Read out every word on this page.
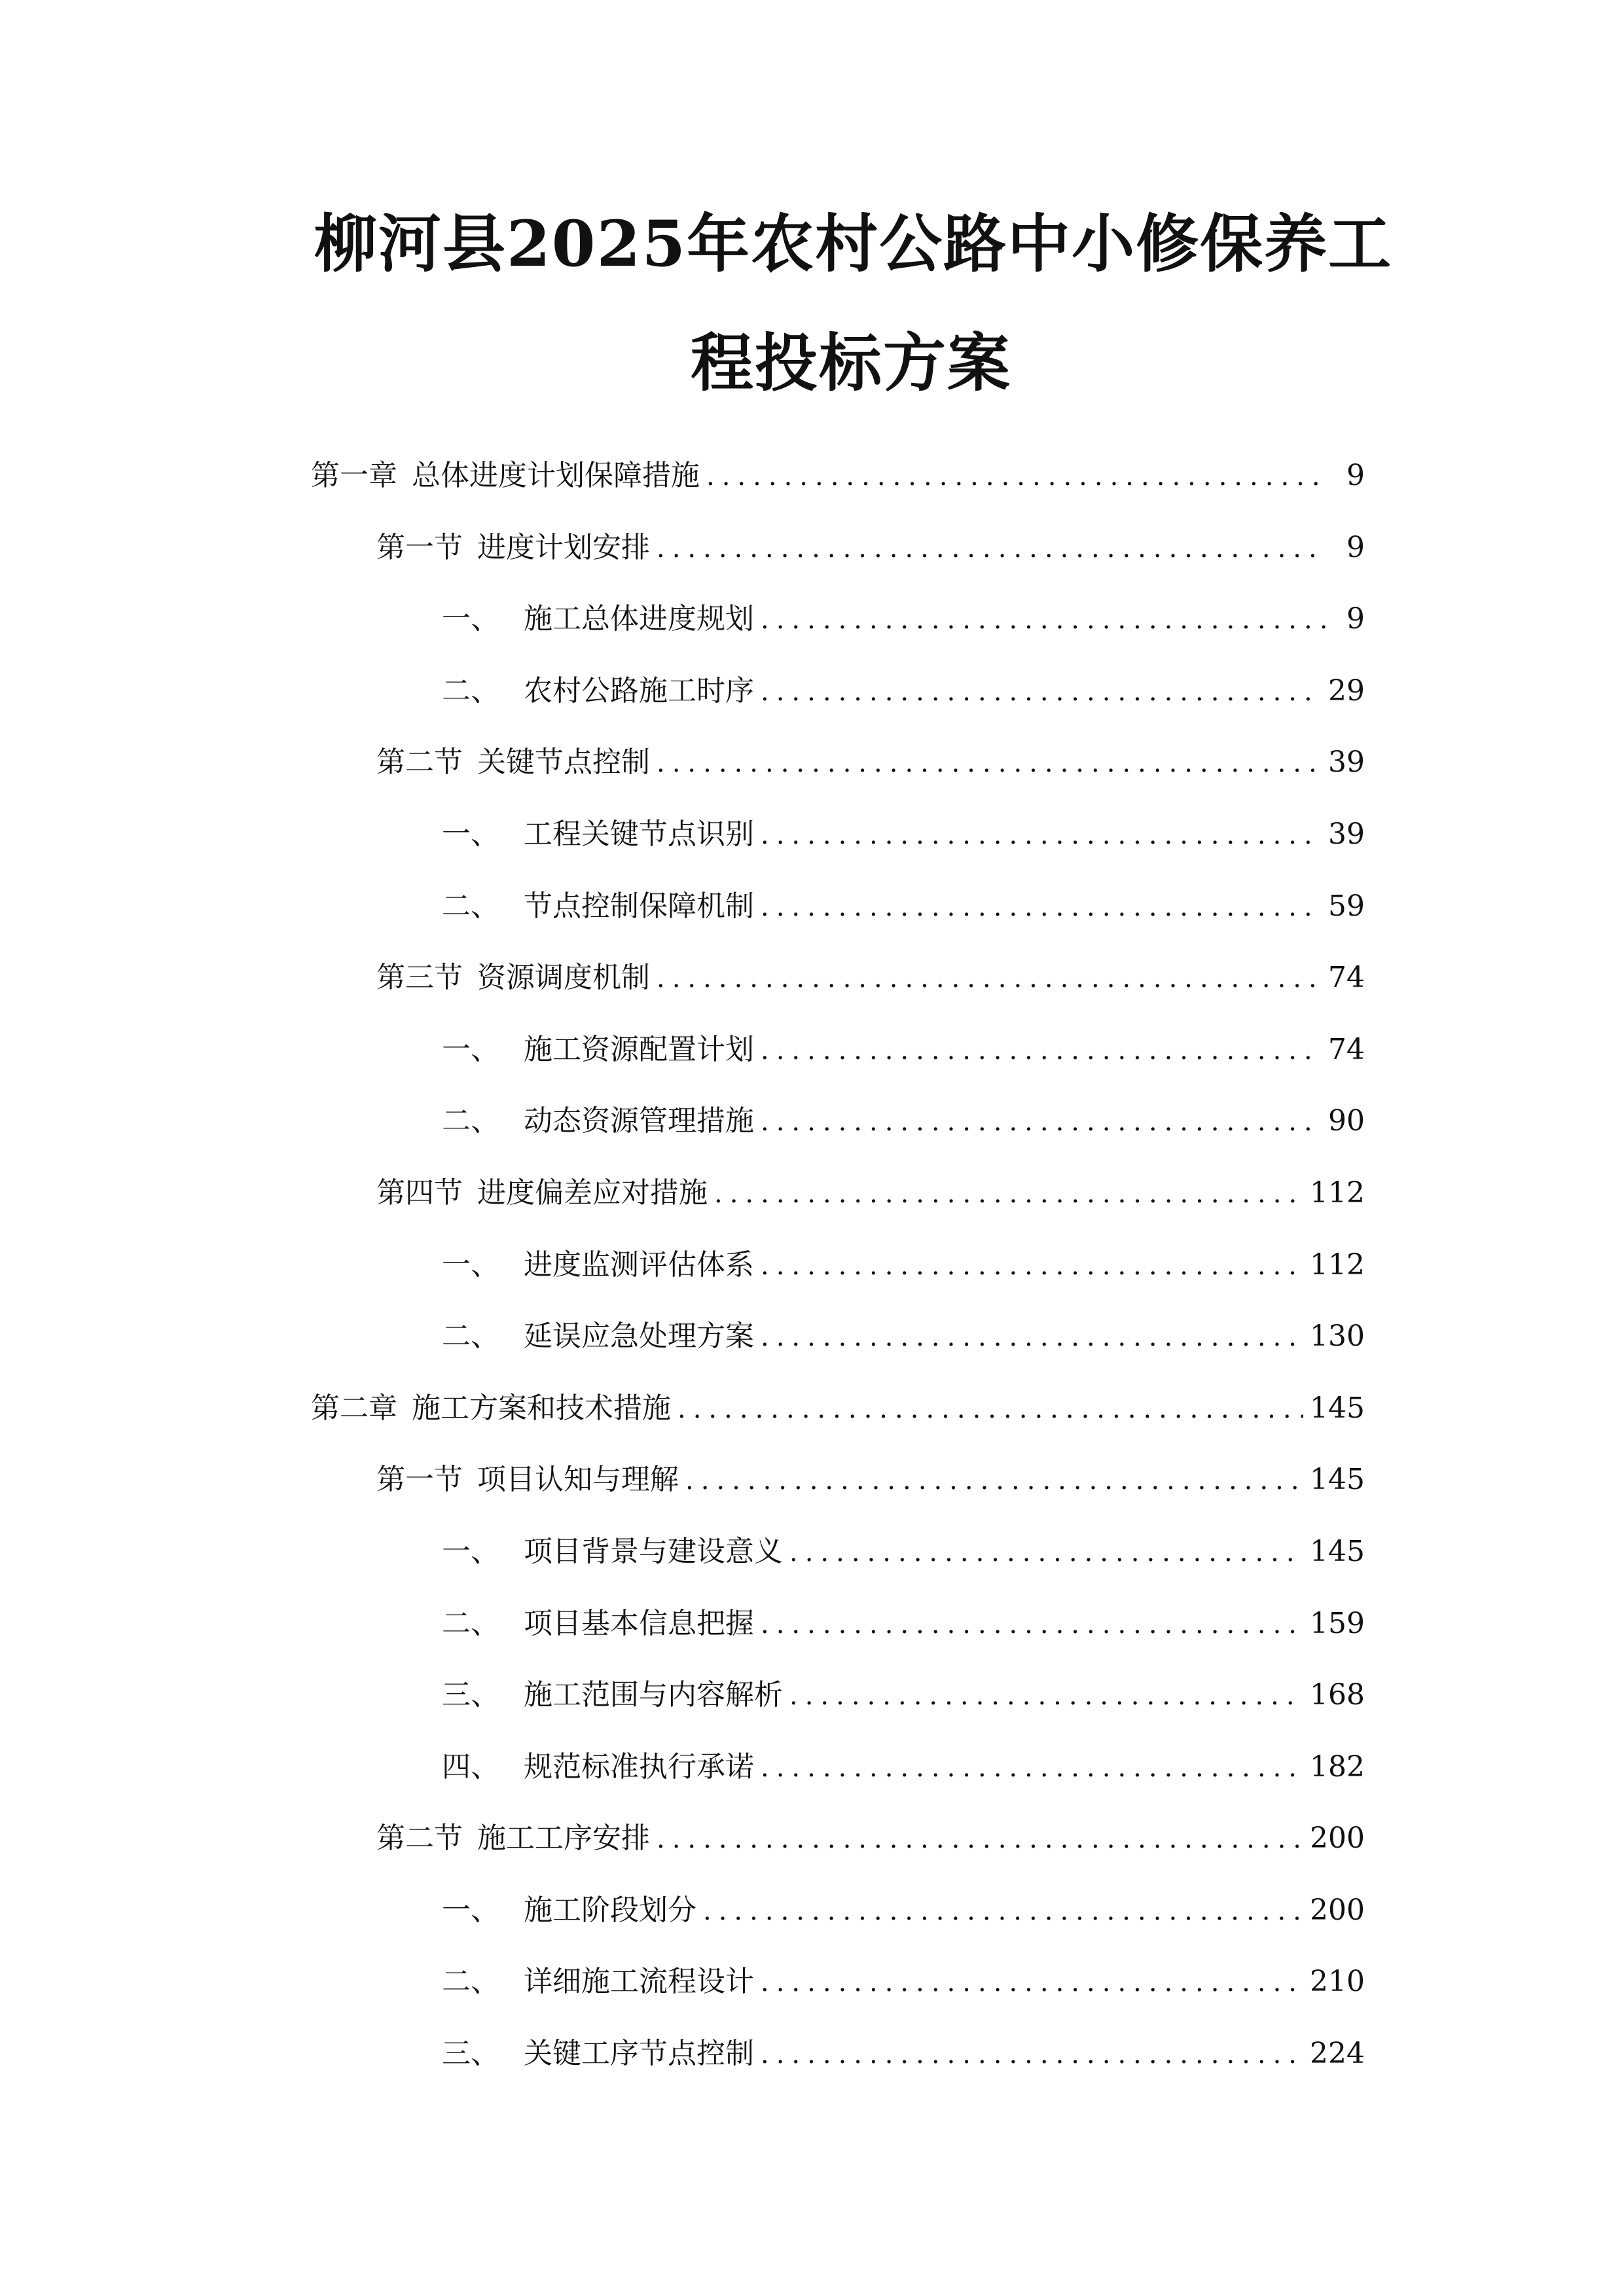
柳河县2025年农村公路中小修保养工
程投标方案
第一章 总体进度计划保障措施 .....	9
第一节 进度计划安排 .....	9
一、 施工总体进度规划 .....	9
二、 农村公路施工时序 .....	29
第二节 关键节点控制 .....	39
一、 工程关键节点识别 .....	39
二、 节点控制保障机制 .....	59
第三节 资源调度机制 .....	74
一、 施工资源配置计划 .....	74
二、 动态资源管理措施 .....	90
第四节 进度偏差应对措施 .....	112
一、 进度监测评估体系 .....	112
二、 延误应急处理方案 .....	130
第二章 施工方案和技术措施 .....	145
第一节 项目认知与理解 .....	145
一、 项目背景与建设意义 .....	145
二、 项目基本信息把握 .....	159
三、 施工范围与内容解析 .....	168
四、 规范标准执行承诺 .....	182
第二节 施工工序安排 .....	200
一、 施工阶段划分 .....	200
二、 详细施工流程设计 .....	210
三、 关键工序节点控制 .....	224
